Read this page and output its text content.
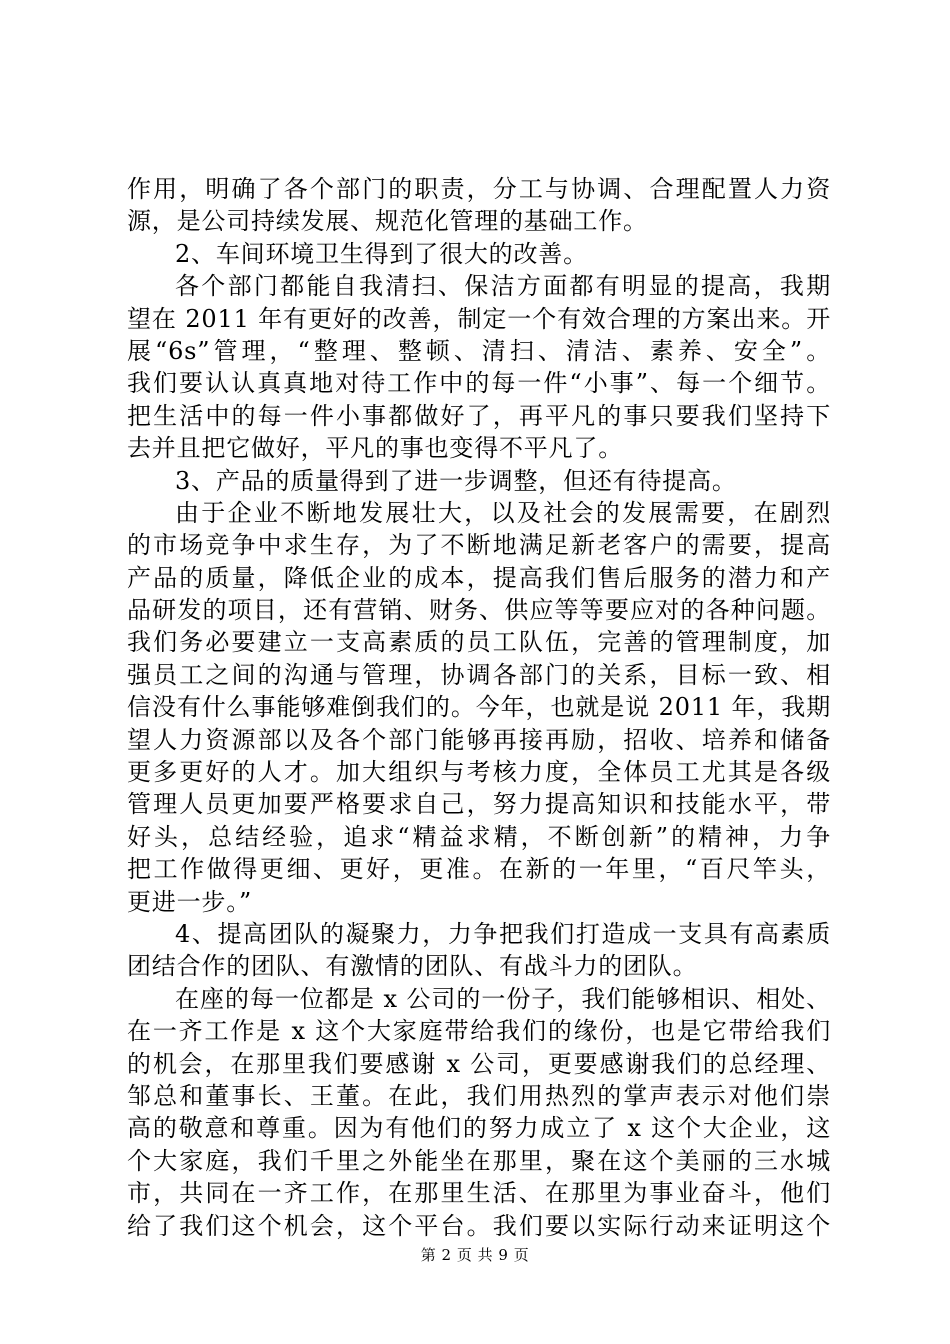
作用，明确了各个部门的职责，分工与协调、合理配置人力资
源，是公司持续发展、规范化管理的基础工作。
2、车间环境卫生得到了很大的改善。
各个部门都能自我清扫、保洁方面都有明显的提高，我期
望在 2011 年有更好的改善，制定一个有效合理的方案出来。开
展“6s”管理，“整理、整顿、清扫、清洁、素养、安全”。
我们要认认真真地对待工作中的每一件“小事”、每一个细节。
把生活中的每一件小事都做好了，再平凡的事只要我们坚持下
去并且把它做好，平凡的事也变得不平凡了。
3、产品的质量得到了进一步调整，但还有待提高。
由于企业不断地发展壮大，以及社会的发展需要，在剧烈
的市场竞争中求生存，为了不断地满足新老客户的需要，提高
产品的质量，降低企业的成本，提高我们售后服务的潜力和产
品研发的项目，还有营销、财务、供应等等要应对的各种问题。
我们务必要建立一支高素质的员工队伍，完善的管理制度，加
强员工之间的沟通与管理，协调各部门的关系，目标一致、相
信没有什么事能够难倒我们的。今年，也就是说 2011 年，我期
望人力资源部以及各个部门能够再接再励，招收、培养和储备
更多更好的人才。加大组织与考核力度，全体员工尤其是各级
管理人员更加要严格要求自己，努力提高知识和技能水平，带
好头，总结经验，追求“精益求精，不断创新”的精神，力争
把工作做得更细、更好，更准。在新的一年里，“百尺竿头，
更进一步。”
4、提高团队的凝聚力，力争把我们打造成一支具有高素质
团结合作的团队、有激情的团队、有战斗力的团队。
在座的每一位都是 x 公司的一份子，我们能够相识、相处、
在一齐工作是 x 这个大家庭带给我们的缘份，也是它带给我们
的机会，在那里我们要感谢 x 公司，更要感谢我们的总经理、
邹总和董事长、王董。在此，我们用热烈的掌声表示对他们崇
高的敬意和尊重。因为有他们的努力成立了 x 这个大企业，这
个大家庭，我们千里之外能坐在那里，聚在这个美丽的三水城
市，共同在一齐工作，在那里生活、在那里为事业奋斗，他们
给了我们这个机会，这个平台。我们要以实际行动来证明这个
第 2 页 共 9 页
